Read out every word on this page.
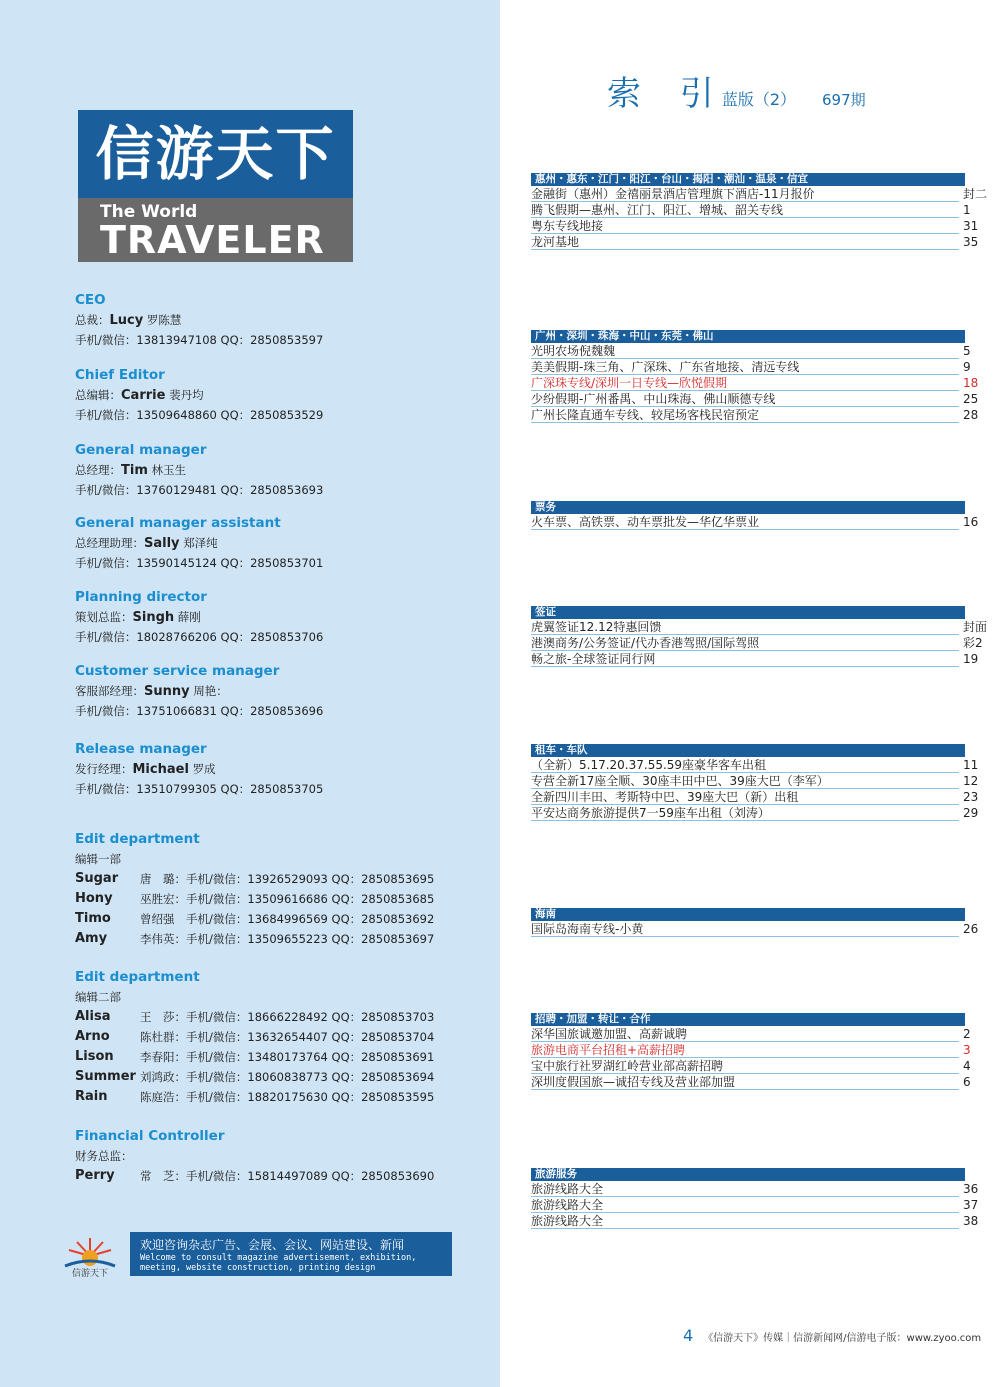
信游天下
The World
TRAVELER
CEO
总裁：Lucy 罗陈慧
手机/微信：13813947108 QQ：2850853597
Chief Editor
总编辑：Carrie 裴丹均
手机/微信：13509648860 QQ：2850853529
General manager
总经理：Tim 林玉生
手机/微信：13760129481 QQ：2850853693
General manager assistant
总经理助理：Sally 郑泽纯
手机/微信：13590145124 QQ：2850853701
Planning director
策划总监：Singh 薛刚
手机/微信：18028766206 QQ：2850853706
Customer service manager
客服部经理：Sunny 周艳：
手机/微信：13751066831 QQ：2850853696
Release manager
发行经理：Michael 罗成
手机/微信：13510799305 QQ：2850853705
Edit department
编辑一部
Sugar 唐　璐：手机/微信：13926529093 QQ：2850853695
Hony 巫胜宏：手机/微信：13509616686 QQ：2850853685
Timo	曾绍强　手机/微信：13684996569 QQ：2850853692
Amy	李伟英：手机/微信：13509655223 QQ：2850853697
Edit department
编辑二部
Alisa	王　莎：手机/微信：18666228492 QQ：2850853703
Arno	陈杜群：手机/微信：13632654407 QQ：2850853704
Lison 李春阳：手机/微信：13480173764 QQ：2850853691
Summer 刘鸿政：手机/微信：18060838773 QQ：2850853694
Rain	陈庭浩：手机/微信：18820175630 QQ：2850853595
Financial Controller
财务总监：
Perry 常　芝：手机/微信：15814497089 QQ：2850853690
信游天下
欢迎咨询杂志广告、会展、会议、网站建设、新闻
Welcome to consult magazine advertisement, exhibition,
meeting, website construction, printing design
索 引蓝版（2） 697期
惠州・惠东・江门・阳江・台山・揭阳・潮汕・温泉・信宜
金融街（惠州）金禧丽景酒店管理旗下酒店-11月报价	封二
腾飞假期—惠州、江门、阳江、增城、韶关专线	1
粤东专线地接	31
龙河基地	35
广州・深圳・珠海・中山・东莞・佛山
光明农场倪魏魏	5
美美假期-珠三角、广深珠、广东省地接、清远专线	9
广深珠专线/深圳一日专线—欣悦假期	18
少纷假期-广州番禺、中山珠海、佛山顺德专线	25
广州长隆直通车专线、较尾场客栈民宿预定	28
票务
火车票、高铁票、动车票批发—华亿华票业	16
签证
虎翼签证12.12特惠回馈	封面
港澳商务/公务签证/代办香港驾照/国际驾照	彩2
畅之旅-全球签证同行网	19
租车・车队
（全新）5.17.20.37.55.59座豪华客车出租	11
专营全新17座全顺、30座丰田中巴、39座大巴（李军）	12
全新四川丰田、考斯特中巴、39座大巴（新）出租	23
平安达商务旅游提供7一59座车出租（刘涛）	29
海南
国际岛海南专线-小黄	26
招聘・加盟・转让・合作
深华国旅诚邀加盟、高薪诚聘	2
旅游电商平台招租+高薪招聘	3
宝中旅行社罗湖红岭营业部高薪招聘	4
深圳度假国旅—诚招专线及营业部加盟	6
旅游服务
旅游线路大全	36
旅游线路大全	37
旅游线路大全	38
4 《信游天下》传媒｜信游新闻网/信游电子版：www.zyoo.com
